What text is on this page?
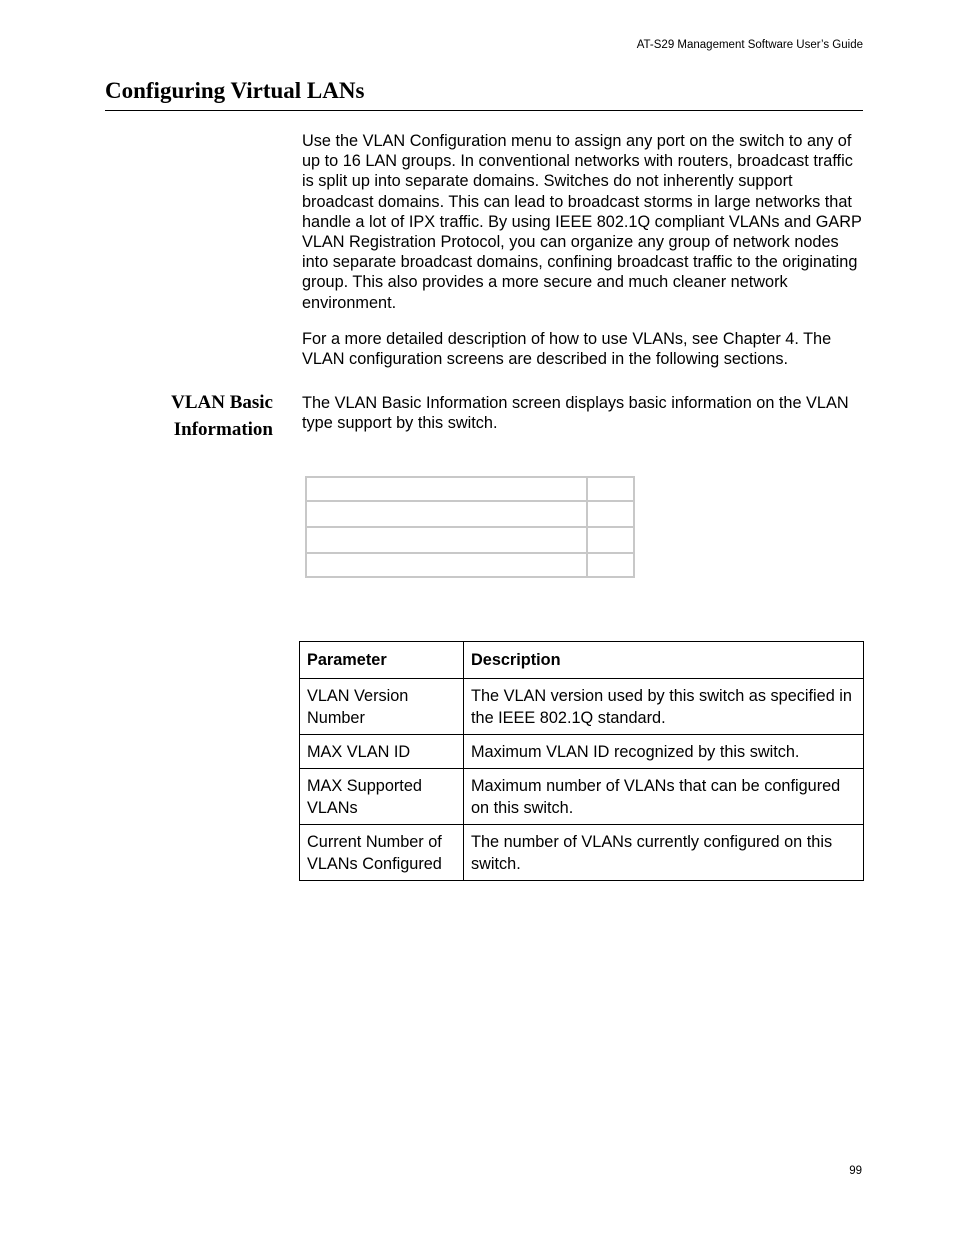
AT-S29 Management Software User’s Guide
Configuring Virtual LANs

Use the VLAN Configuration menu to assign any port on the switch to any of up to 16 LAN groups. In conventional networks with routers, broadcast traffic is split up into separate domains. Switches do not inherently support broadcast domains. This can lead to broadcast storms in large networks that handle a lot of IPX traffic. By using IEEE 802.1Q compliant VLANs and GARP VLAN Registration Protocol, you can organize any group of network nodes into separate broadcast domains, confining broadcast traffic to the originating group. This also provides a more secure and much cleaner network environment.

For a more detailed description of how to use VLANs, see Chapter 4. The VLAN configuration screens are described in the following sections.

VLAN Basic
Information

The VLAN Basic Information screen displays basic information on the VLAN type support by this switch.

Parameter	Description
VLAN Version Number	The VLAN version used by this switch as specified in the IEEE 802.1Q standard.
MAX VLAN ID	Maximum VLAN ID recognized by this switch.
MAX Supported VLANs	Maximum number of VLANs that can be configured on this switch.
Current Number of VLANs Configured	The number of VLANs currently configured on this switch.
99
